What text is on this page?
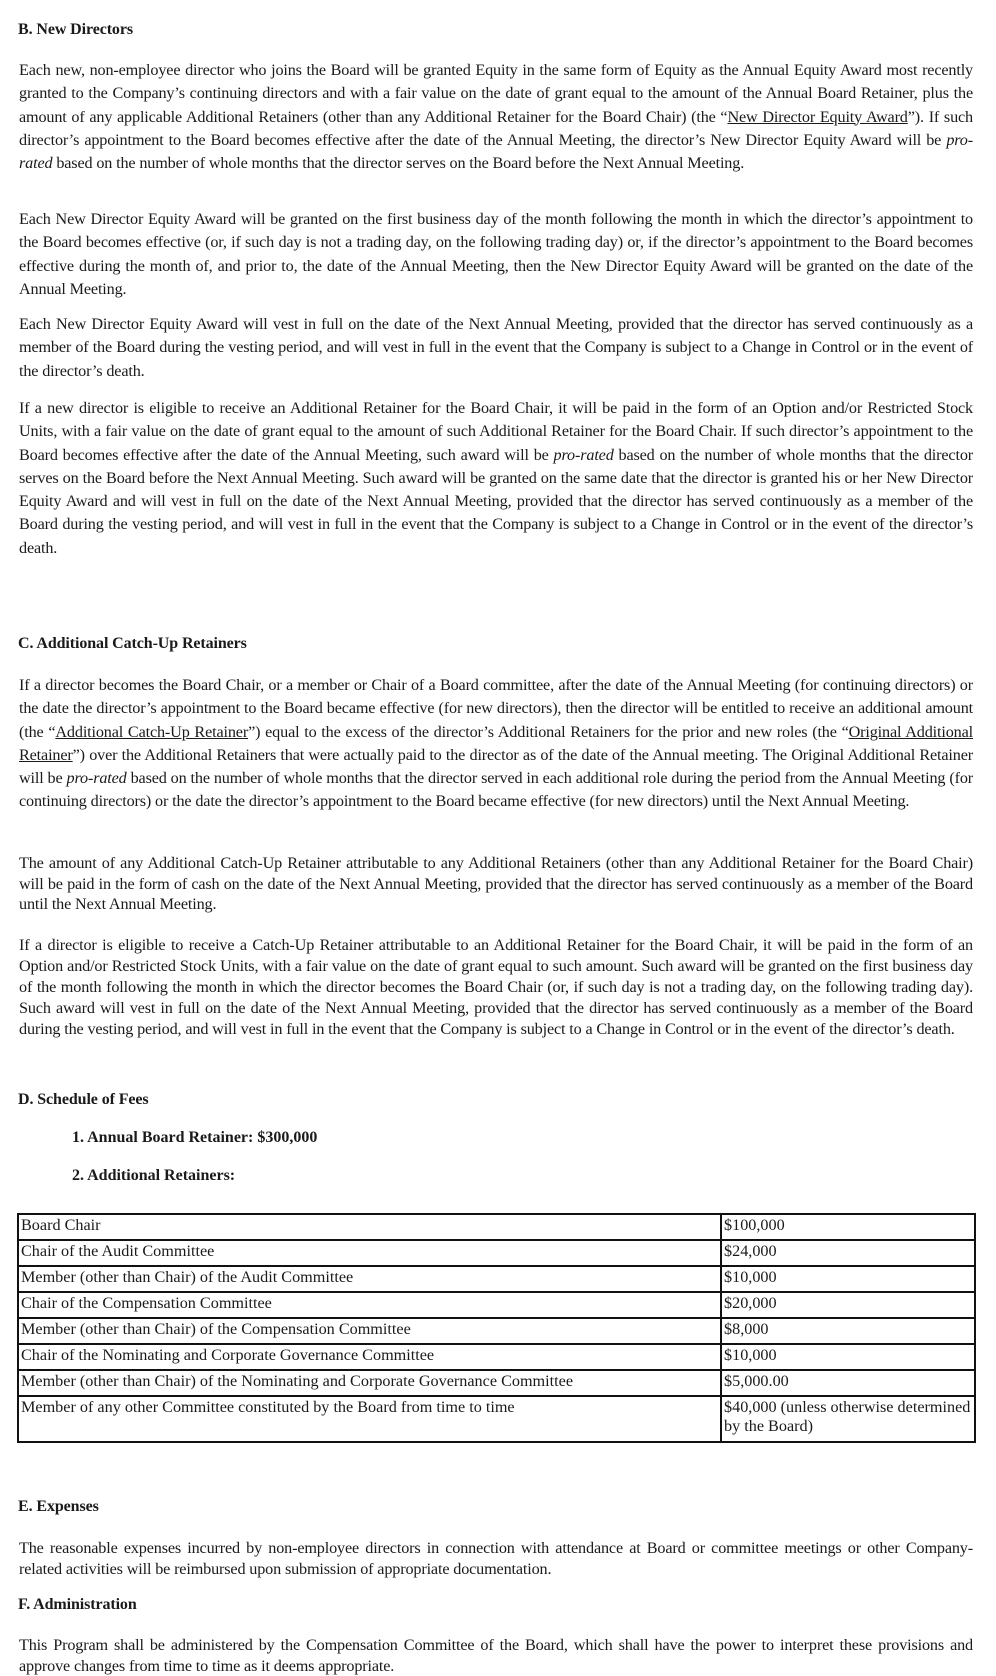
B. New Directors
Each new, non-employee director who joins the Board will be granted Equity in the same form of Equity as the Annual Equity Award most recently granted to the Company’s continuing directors and with a fair value on the date of grant equal to the amount of the Annual Board Retainer, plus the amount of any applicable Additional Retainers (other than any Additional Retainer for the Board Chair) (the “New Director Equity Award”). If such director’s appointment to the Board becomes effective after the date of the Annual Meeting, the director’s New Director Equity Award will be pro-rated based on the number of whole months that the director serves on the Board before the Next Annual Meeting.
Each New Director Equity Award will be granted on the first business day of the month following the month in which the director’s appointment to the Board becomes effective (or, if such day is not a trading day, on the following trading day) or, if the director’s appointment to the Board becomes effective during the month of, and prior to, the date of the Annual Meeting, then the New Director Equity Award will be granted on the date of the Annual Meeting.
Each New Director Equity Award will vest in full on the date of the Next Annual Meeting, provided that the director has served continuously as a member of the Board during the vesting period, and will vest in full in the event that the Company is subject to a Change in Control or in the event of the director’s death.
If a new director is eligible to receive an Additional Retainer for the Board Chair, it will be paid in the form of an Option and/or Restricted Stock Units, with a fair value on the date of grant equal to the amount of such Additional Retainer for the Board Chair. If such director’s appointment to the Board becomes effective after the date of the Annual Meeting, such award will be pro-rated based on the number of whole months that the director serves on the Board before the Next Annual Meeting. Such award will be granted on the same date that the director is granted his or her New Director Equity Award and will vest in full on the date of the Next Annual Meeting, provided that the director has served continuously as a member of the Board during the vesting period, and will vest in full in the event that the Company is subject to a Change in Control or in the event of the director’s death.
C. Additional Catch-Up Retainers
If a director becomes the Board Chair, or a member or Chair of a Board committee, after the date of the Annual Meeting (for continuing directors) or the date the director’s appointment to the Board became effective (for new directors), then the director will be entitled to receive an additional amount (the “Additional Catch-Up Retainer”) equal to the excess of the director’s Additional Retainers for the prior and new roles (the “Original Additional Retainer”) over the Additional Retainers that were actually paid to the director as of the date of the Annual meeting. The Original Additional Retainer will be pro-rated based on the number of whole months that the director served in each additional role during the period from the Annual Meeting (for continuing directors) or the date the director’s appointment to the Board became effective (for new directors) until the Next Annual Meeting.
The amount of any Additional Catch-Up Retainer attributable to any Additional Retainers (other than any Additional Retainer for the Board Chair) will be paid in the form of cash on the date of the Next Annual Meeting, provided that the director has served continuously as a member of the Board until the Next Annual Meeting.
If a director is eligible to receive a Catch-Up Retainer attributable to an Additional Retainer for the Board Chair, it will be paid in the form of an Option and/or Restricted Stock Units, with a fair value on the date of grant equal to such amount. Such award will be granted on the first business day of the month following the month in which the director becomes the Board Chair (or, if such day is not a trading day, on the following trading day). Such award will vest in full on the date of the Next Annual Meeting, provided that the director has served continuously as a member of the Board during the vesting period, and will vest in full in the event that the Company is subject to a Change in Control or in the event of the director’s death.
D. Schedule of Fees
1. Annual Board Retainer: $300,000
2. Additional Retainers:
Board Chair	$100,000
Chair of the Audit Committee	$24,000
Member (other than Chair) of the Audit Committee	$10,000
Chair of the Compensation Committee	$20,000
Member (other than Chair) of the Compensation Committee	$8,000
Chair of the Nominating and Corporate Governance Committee	$10,000
Member (other than Chair) of the Nominating and Corporate Governance Committee	$5,000.00
Member of any other Committee constituted by the Board from time to time	$40,000 (unless otherwise determined by the Board)
E. Expenses
The reasonable expenses incurred by non-employee directors in connection with attendance at Board or committee meetings or other Company-related activities will be reimbursed upon submission of appropriate documentation.
F. Administration
This Program shall be administered by the Compensation Committee of the Board, which shall have the power to interpret these provisions and approve changes from time to time as it deems appropriate.
